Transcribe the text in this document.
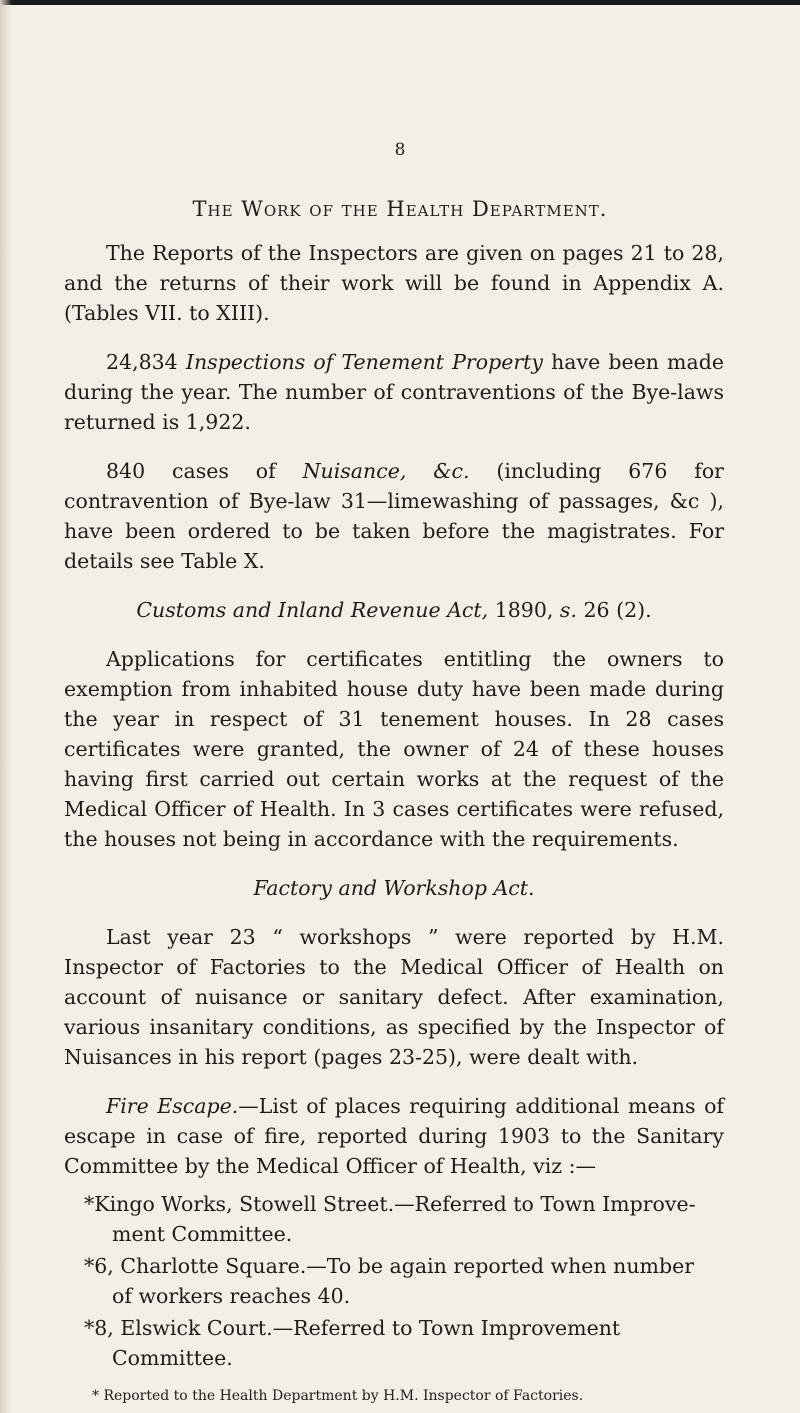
8
The Work of the Health Department.

The Reports of the Inspectors are given on pages 21 to 28, and the returns of their work will be found in Appendix A. (Tables VII. to XIII).

24,834 Inspections of Tenement Property have been made during the year. The number of contraventions of the Bye-laws returned is 1,922.

840 cases of Nuisance, &c. (including 676 for contravention of Bye-law 31—limewashing of passages, &c ), have been ordered to be taken before the magistrates. For details see Table X.

Customs and Inland Revenue Act, 1890, s. 26 (2).

Applications for certificates entitling the owners to exemption from inhabited house duty have been made during the year in respect of 31 tenement houses. In 28 cases certificates were granted, the owner of 24 of these houses having first carried out certain works at the request of the Medical Officer of Health. In 3 cases certificates were refused, the houses not being in accordance with the requirements.

Factory and Workshop Act.

Last year 23 “ workshops ” were reported by H.M. Inspector of Factories to the Medical Officer of Health on account of nuisance or sanitary defect. After examination, various insanitary conditions, as specified by the Inspector of Nuisances in his report (pages 23-25), were dealt with.

Fire Escape.—List of places requiring additional means of escape in case of fire, reported during 1903 to the Sanitary Committee by the Medical Officer of Health, viz :—

*Kingo Works, Stowell Street.—Referred to Town Improve-
ment Committee.
*6, Charlotte Square.—To be again reported when number
of workers reaches 40.
*8, Elswick Court.—Referred to Town Improvement
Committee.
* Reported to the Health Department by H.M. Inspector of Factories.
